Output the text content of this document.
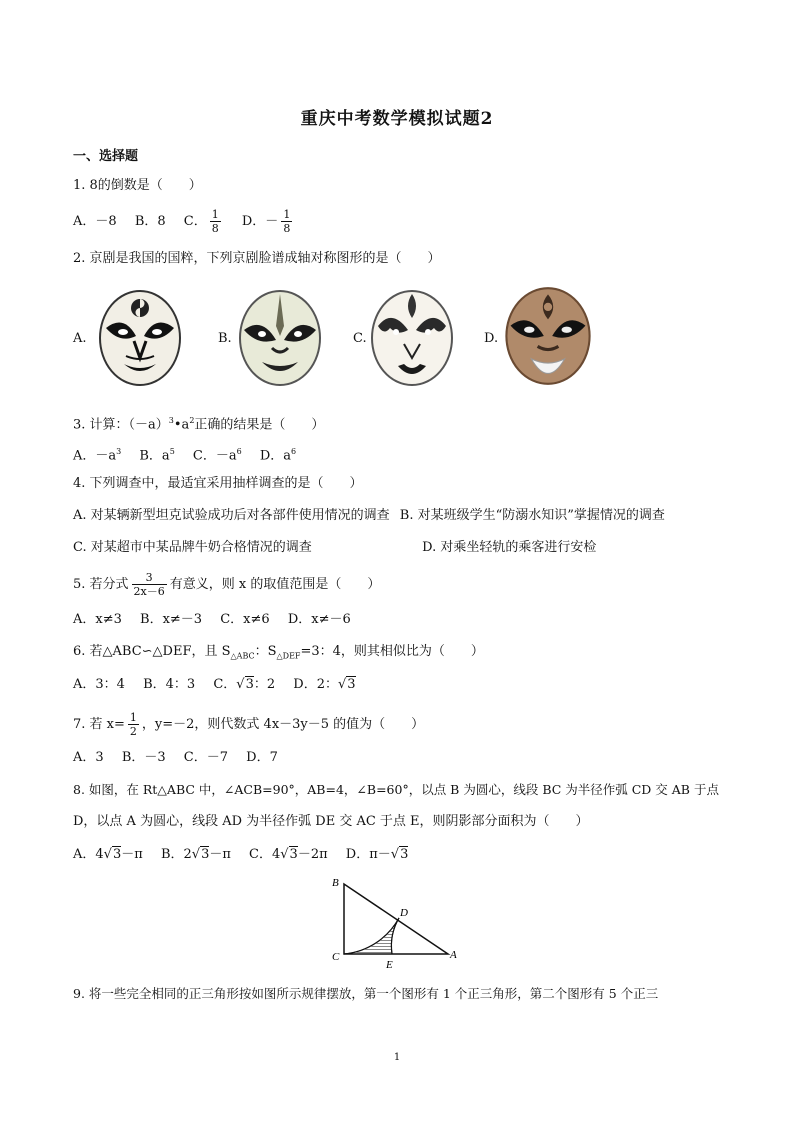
重庆中考数学模拟试题2
一、选择题
1. 8的倒数是（　　）
A．－8 B．8 C． $\frac{1}{8}$ D．－ $\frac{1}{8}$
2. 京剧是我国的国粹，下列京剧脸谱成轴对称图形的是（　　）
A.	B.	C.	D.
3. 计算：$(-a)^3•a^2$正确的结果是（　　）
A．$-a^3$ B．$a^5$ C．$-a^6$ D．$a^6$
4. 下列调查中，最适宜采用抽样调查的是（　　）
A. 对某辆新型坦克试验成功后对各部件使用情况的调查 B. 对某班级学生“防溺水知识”掌握情况的调查
C. 对某超市中某品牌牛奶合格情况的调查	D. 对乘坐轻轨的乘客进行安检
5. 若分式 $\frac{3}{2x-6}$ 有意义，则 x 的取值范围是（　　）
A．x≠3 B．x≠－3 C．x≠6 D．x≠－6
6. 若△ABC∽△DEF，且 $S_{\triangle ABC}$：$S_{\triangle DEF}=3$：4，则其相似比为（　　）
A．3：4 B．4：3 C．√3：2 D．2：√3
7. 若 $x= \frac{1}{2}$ ，y=－2，则代数式 4x－3y－5 的值为（　　）
A．3 B．－3 C．－7 D．7
8. 如图，在 Rt△ABC 中，∠ACB=90°，AB=4，∠B=60°，以点 B 为圆心，线段 BC 为半径作弧 CD 交 AB 于点
D，以点 A 为圆心，线段 AD 为半径作弧 DE 交 AC 于点 E，则阴影部分面积为（　　）
A．4√3－π B．2√3－π C．4√3－2π D．π－√3
B
D
C
E
A
9. 将一些完全相同的正三角形按如图所示规律摆放，第一个图形有 1 个正三角形，第二个图形有 5 个正三
1
